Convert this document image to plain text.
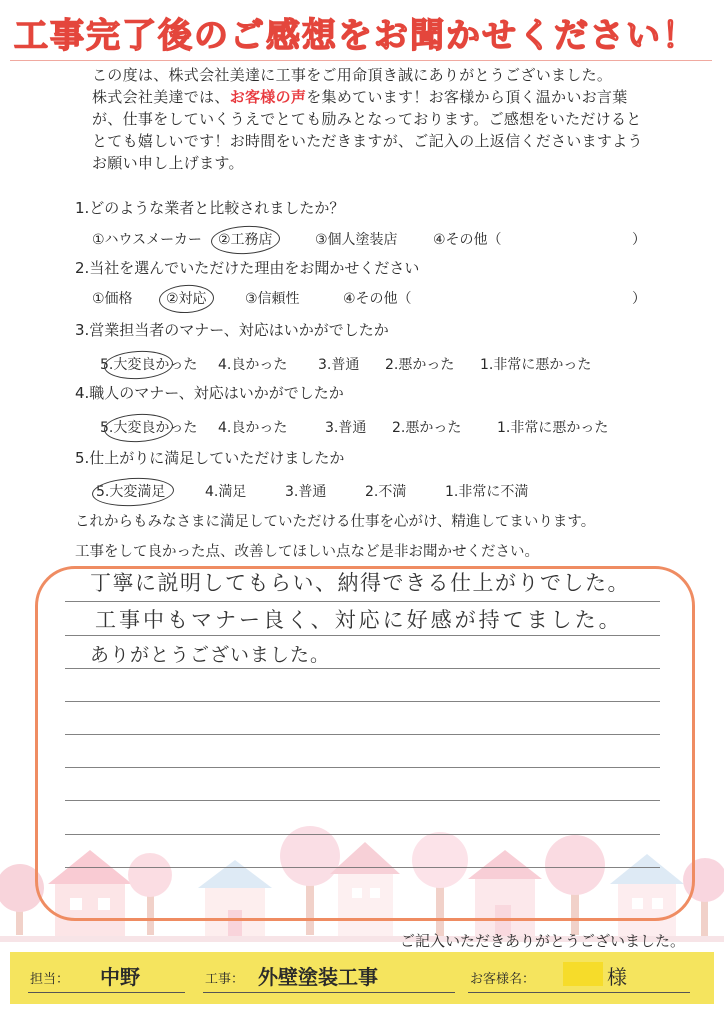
工事完了後のご感想をお聞かせください！
この度は、株式会社美達に工事をご用命頂き誠にありがとうございました。
株式会社美達では、お客様の声を集めています！お客様から頂く温かいお言葉
が、仕事をしていくうえでとても励みとなっております。ご感想をいただけると
とても嬉しいです！お時間をいただきますが、ご記入の上返信くださいますよう
お願い申し上げます。
1.どのような業者と比較されましたか？
①ハウスメーカー ②工務店	③個人塗装店	④その他（	）
2.当社を選んでいただけた理由をお聞かせください
①価格 ②対応	③信頼性	④その他（	）
3.営業担当者のマナー、対応はいかがでしたか
5.大変良かった 4.良かった 3.普通 2.悪かった 1.非常に悪かった
4.職人のマナー、対応はいかがでしたか
5.大変良かった 4.良かった	3.普通 2.悪かった	1.非常に悪かった
5.仕上がりに満足していただけましたか
5.大変満足	4.満足	3.普通	2.不満	1.非常に不満
これからもみなさまに満足していただける仕事を心がけ、精進してまいります。
工事をして良かった点、改善してほしい点など是非お聞かせください。
丁寧に説明してもらい、納得できる仕上がりでした。
工事中もマナー良く、対応に好感が持てました。
ありがとうございました。
ご記入いただきありがとうございました。
担当： 中野	工事： 外壁塗装工事	お客様名：	様
